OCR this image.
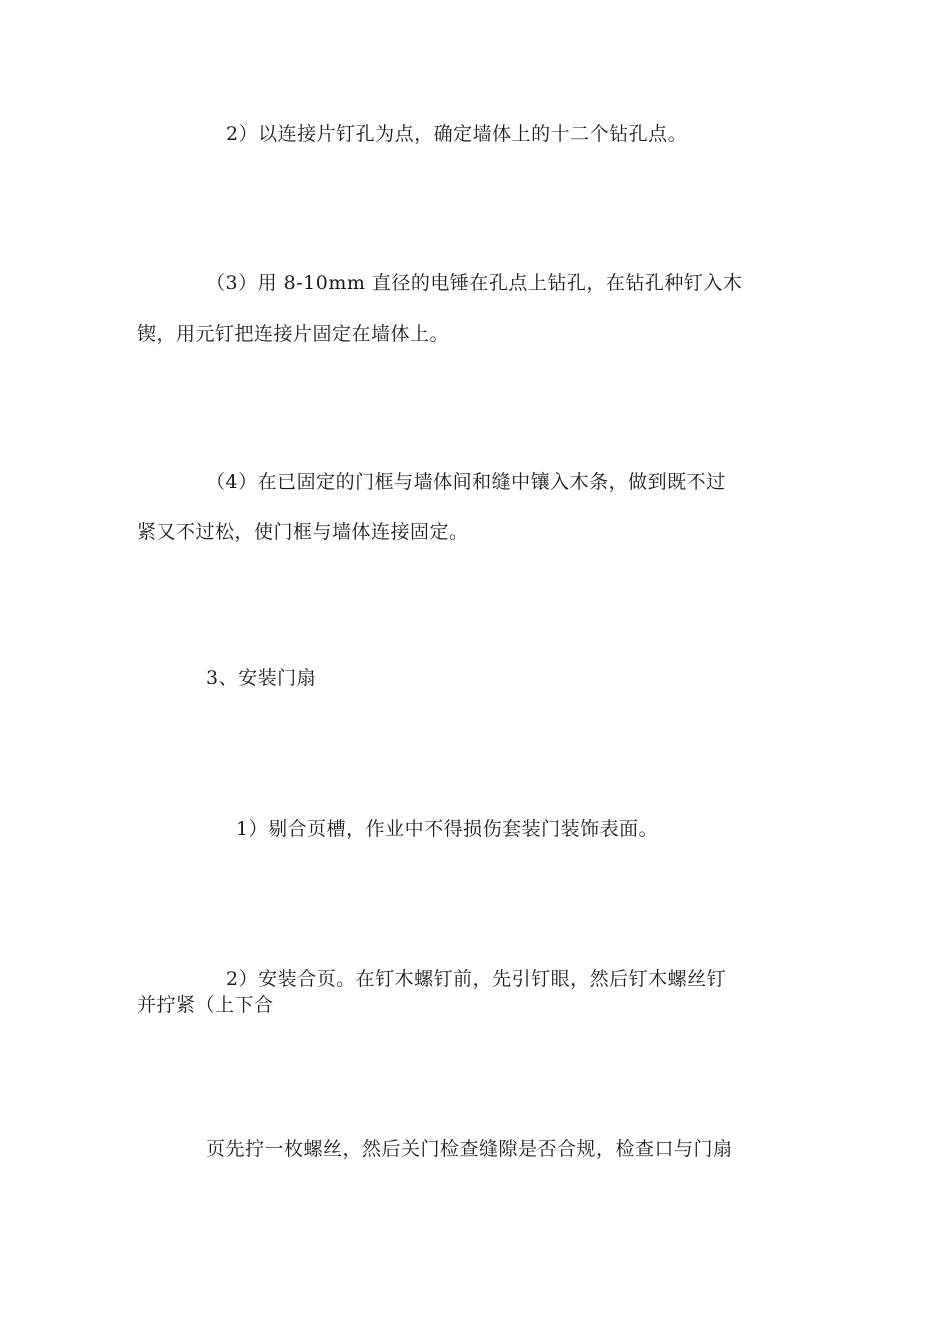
2）以连接片钉孔为点，确定墙体上的十二个钻孔点。
（3）用 8-10mm 直径的电锤在孔点上钻孔，在钻孔种钉入木
锲，用元钉把连接片固定在墙体上。
（4）在已固定的门框与墙体间和缝中镶入木条，做到既不过
紧又不过松，使门框与墙体连接固定。
3、安装门扇
1）剔合页槽，作业中不得损伤套装门装饰表面。
2）安装合页。在钉木螺钉前，先引钉眼，然后钉木螺丝钉
并拧紧（上下合
页先拧一枚螺丝，然后关门检查缝隙是否合规，检查口与门扇
